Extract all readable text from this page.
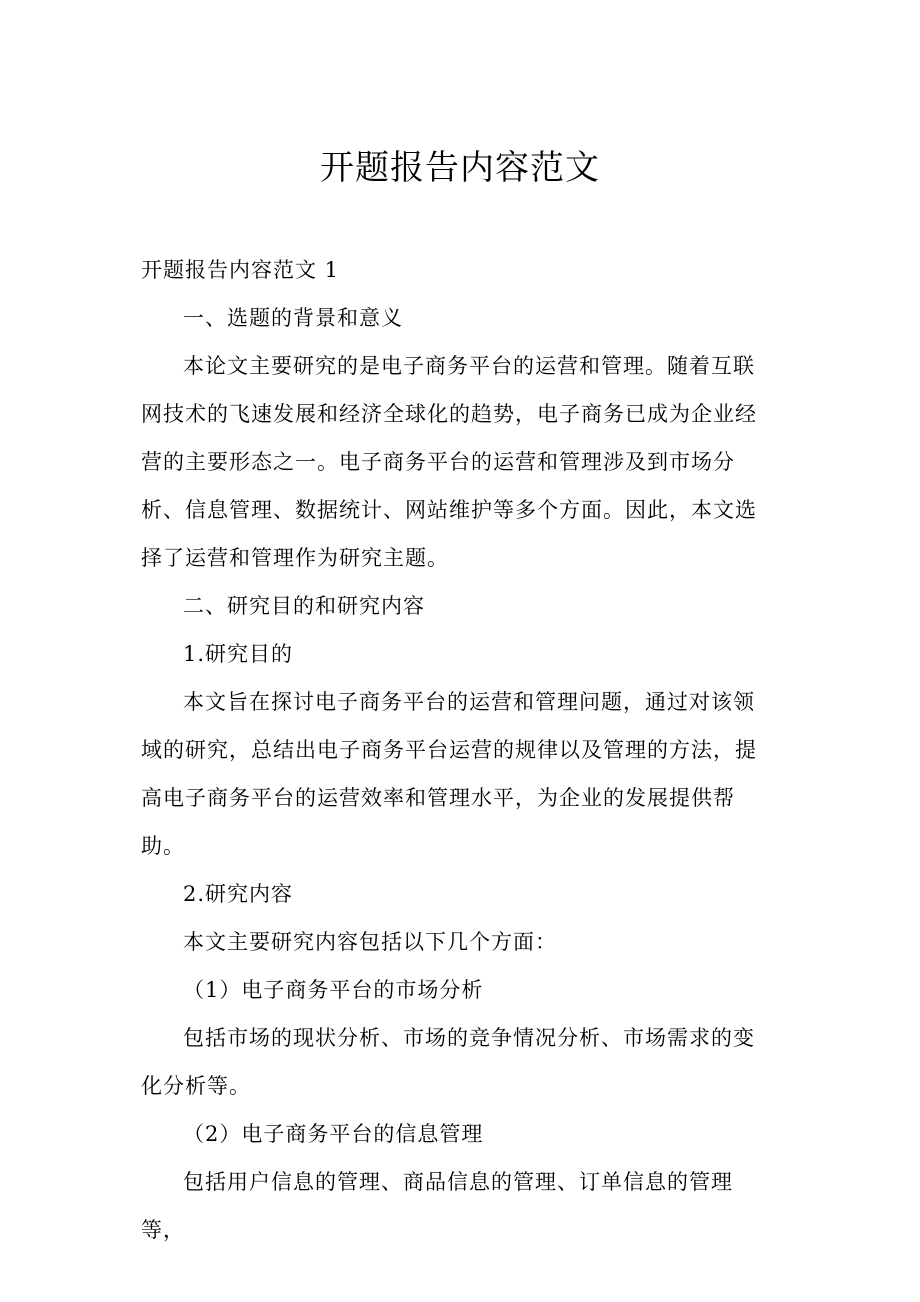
开题报告内容范文

开题报告内容范文 1

一、选题的背景和意义

本论文主要研究的是电子商务平台的运营和管理。随着互联网技术的飞速发展和经济全球化的趋势，电子商务已成为企业经营的主要形态之一。电子商务平台的运营和管理涉及到市场分析、信息管理、数据统计、网站维护等多个方面。因此，本文选择了运营和管理作为研究主题。

二、研究目的和研究内容

1.研究目的

本文旨在探讨电子商务平台的运营和管理问题，通过对该领域的研究，总结出电子商务平台运营的规律以及管理的方法，提高电子商务平台的运营效率和管理水平，为企业的发展提供帮助。

2.研究内容

本文主要研究内容包括以下几个方面：

（1）电子商务平台的市场分析

包括市场的现状分析、市场的竞争情况分析、市场需求的变化分析等。

（2）电子商务平台的信息管理

包括用户信息的管理、商品信息的管理、订单信息的管理等，
